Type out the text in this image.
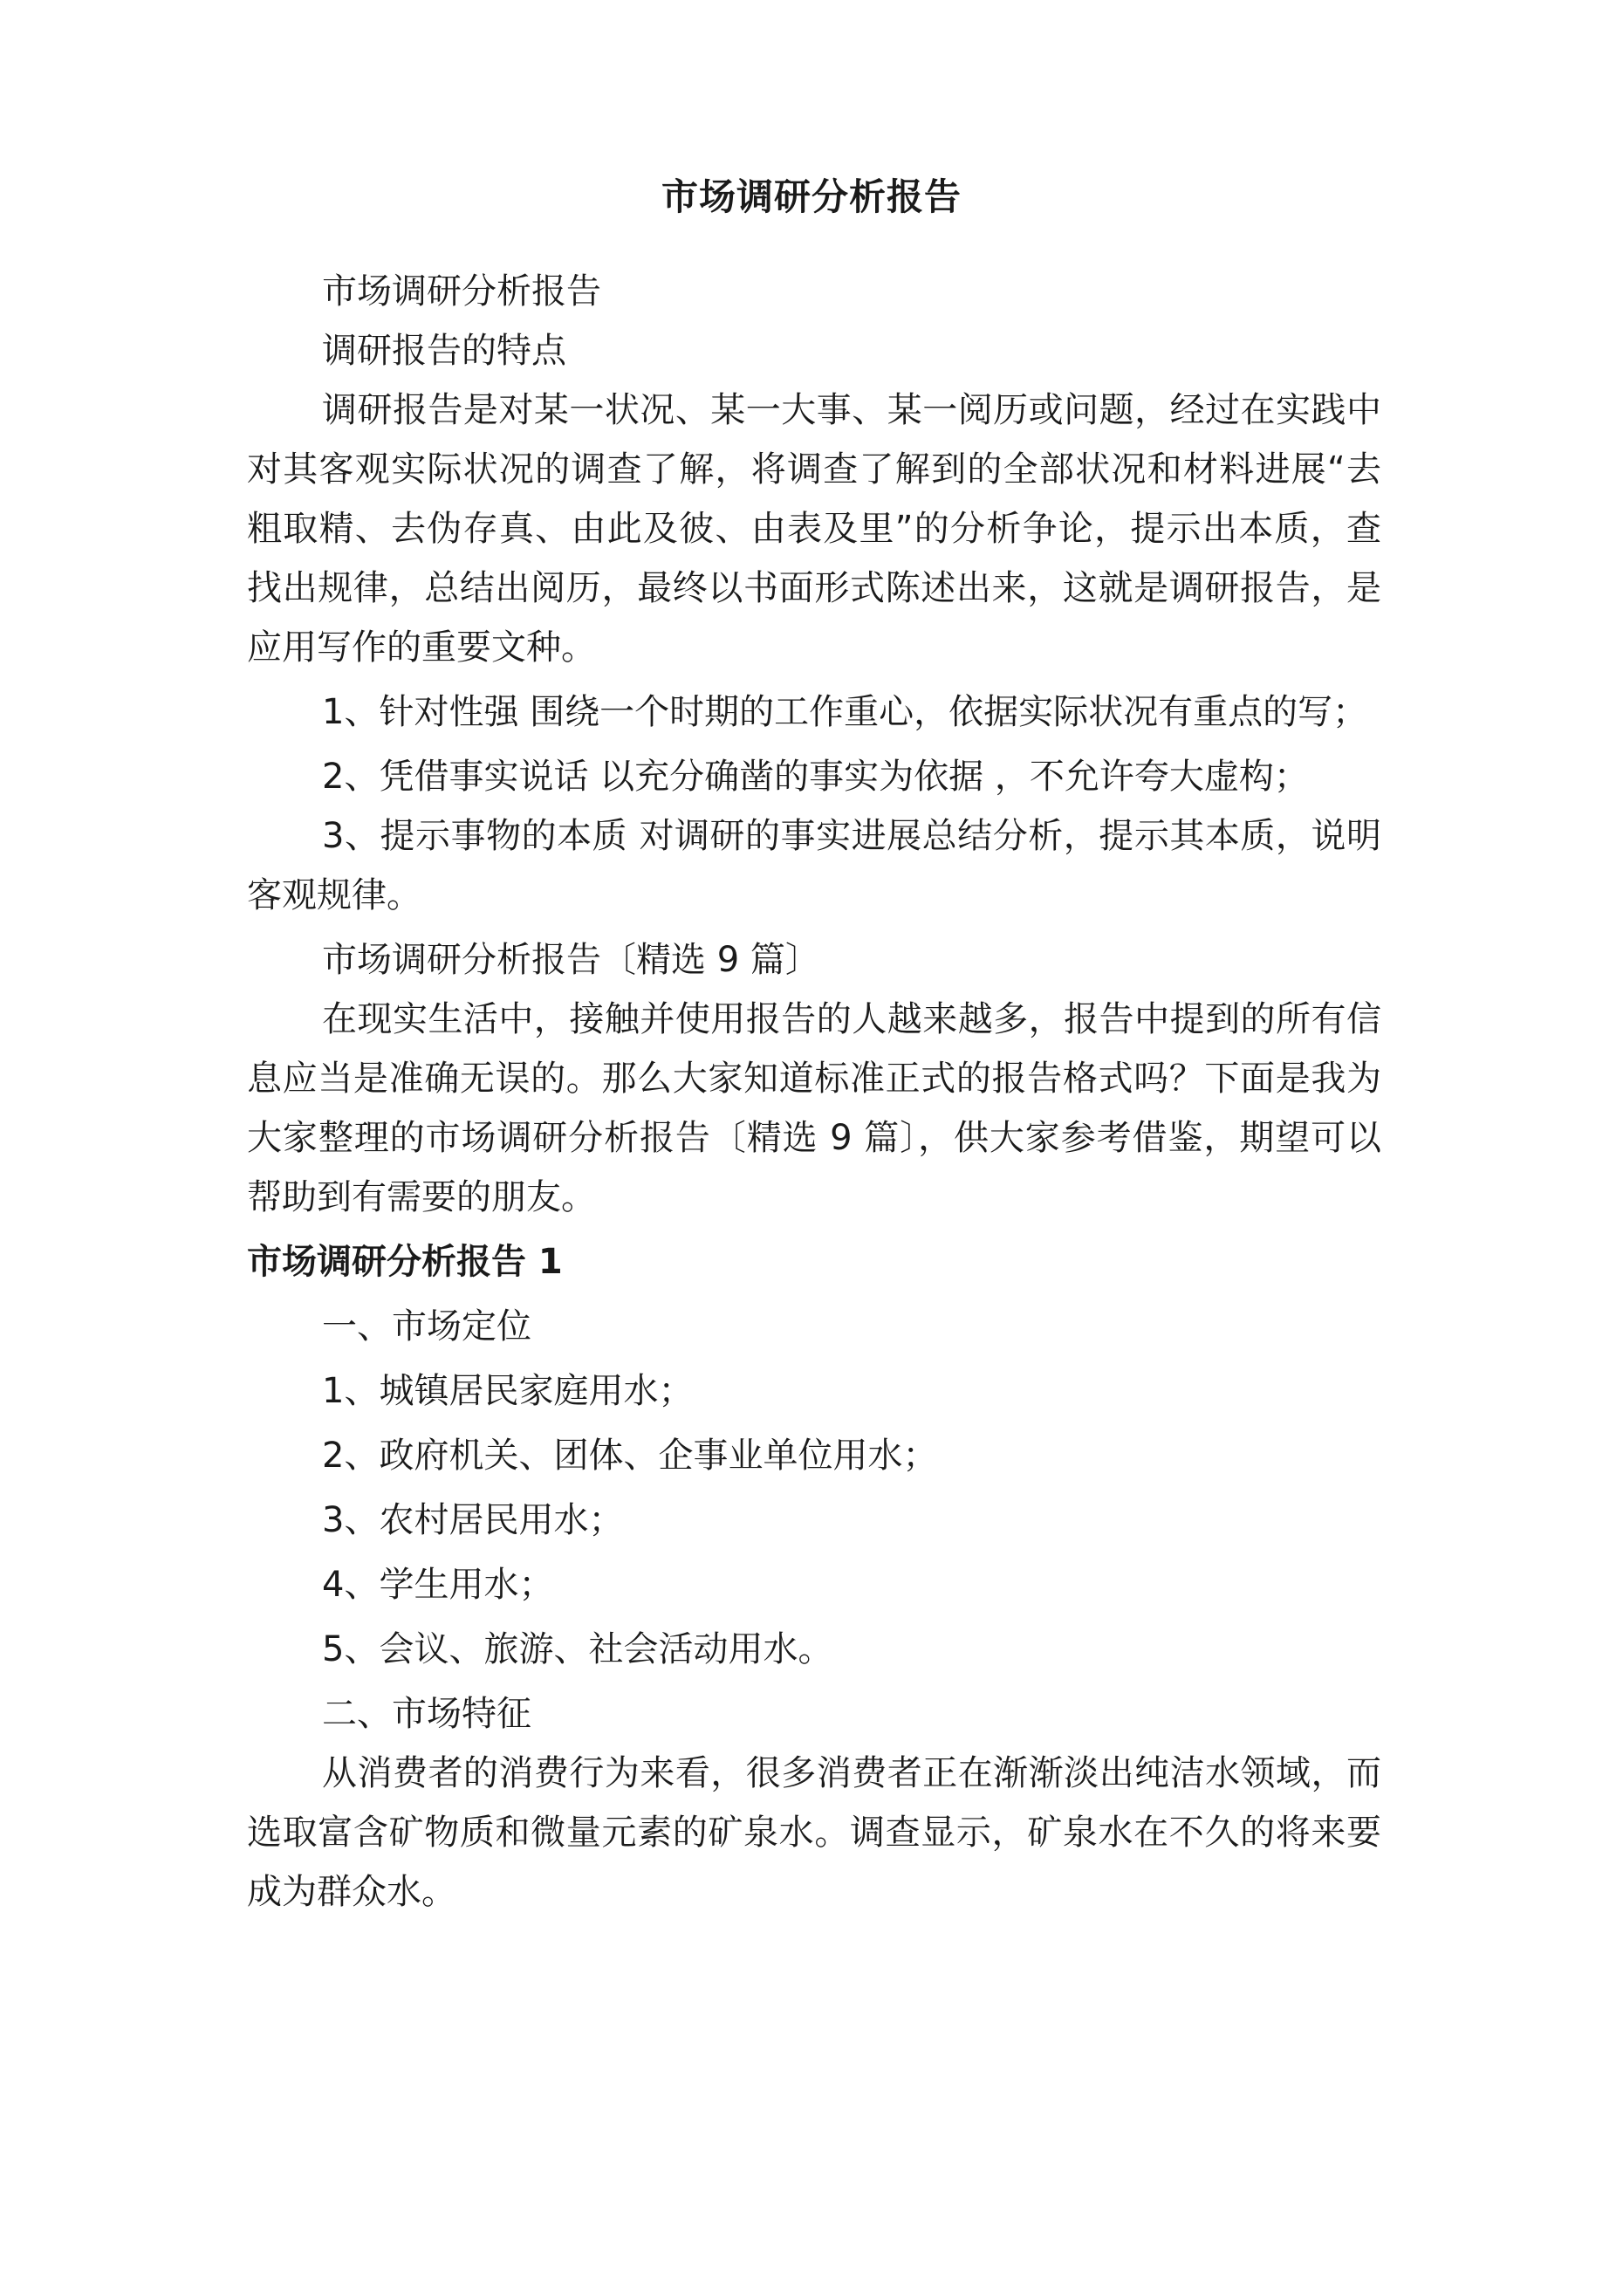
市场调研分析报告

市场调研分析报告

调研报告的特点

调研报告是对某一状况、某一大事、某一阅历或问题，经过在实践中对其客观实际状况的调查了解，将调查了解到的全部状况和材料进展“去粗取精、去伪存真、由此及彼、由表及里”的分析争论，提示出本质，查找出规律，总结出阅历，最终以书面形式陈述出来，这就是调研报告，是应用写作的重要文种。

1、针对性强 围绕一个时期的工作重心，依据实际状况有重点的写；

2、凭借事实说话 以充分确凿的事实为依据 ，不允许夸大虚构；

3、提示事物的本质 对调研的事实进展总结分析，提示其本质，说明客观规律。

市场调研分析报告〔精选 9 篇〕

在现实生活中，接触并使用报告的人越来越多，报告中提到的所有信息应当是准确无误的。那么大家知道标准正式的报告格式吗？下面是我为大家整理的市场调研分析报告〔精选 9 篇〕，供大家参考借鉴，期望可以帮助到有需要的朋友。

市场调研分析报告 1

一、市场定位

1、城镇居民家庭用水；

2、政府机关、团体、企事业单位用水；

3、农村居民用水；

4、学生用水；

5、会议、旅游、社会活动用水。

二、市场特征

从消费者的消费行为来看，很多消费者正在渐渐淡出纯洁水领域，而选取富含矿物质和微量元素的矿泉水。调查显示，矿泉水在不久的将来要成为群众水。
